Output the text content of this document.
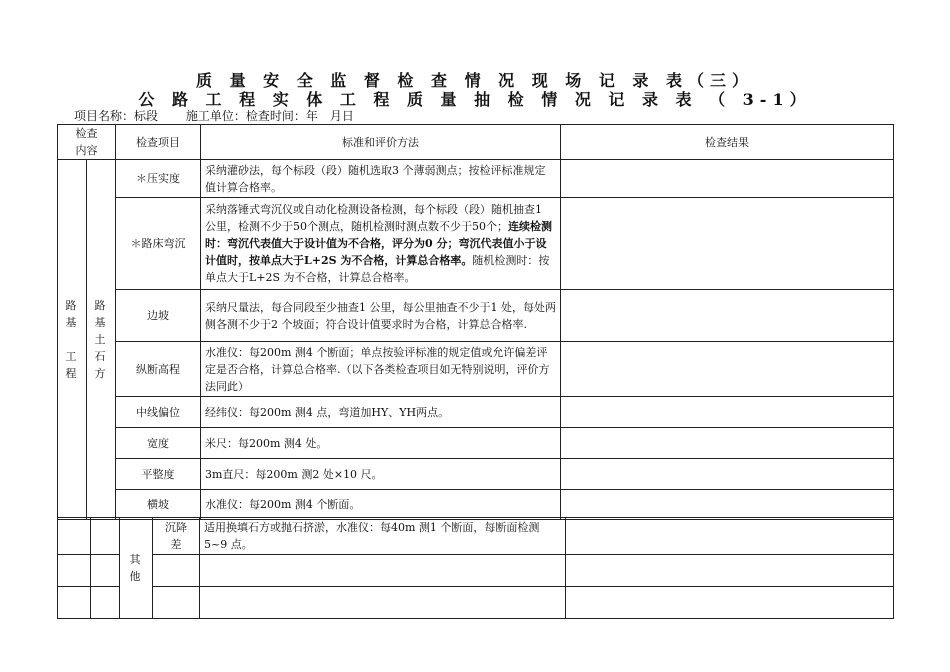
质 量 安 全 监 督 检 查 情 况 现 场 记 录 表（三）
公 路 工 程 实 体 工 程 质 量 抽 检 情 况 记 录 表 （ 3-1）
项目名称：标段 施工单位：检查时间：年　月日
检查
内容		检查项目	标准和评价方法	检查结果
路
基

工
程	路
基
土
石
方	＊压实度	采纳灌砂法，每个标段（段）随机选取3 个薄弱测点；按检评标准规定值计算合格率。	
		＊路床弯沉	采纳落锤式弯沉仪或自动化检测设备检测，每个标段（段）随机抽查1 公里，检测不少于50个测点，随机检测时测点数不少于50个；连续检测时：弯沉代表值大于设计值为不合格，评分为0 分；弯沉代表值小于设计值时，按单点大于L+2S 为不合格，计算总合格率。随机检测时：按单点大于L+2S 为不合格，计算总合格率。	
		边坡	采纳尺量法，每合同段至少抽查1 公里，每公里抽查不少于1 处，每处两侧各测不少于2 个坡面；符合设计值要求时为合格，计算总合格率.	
		纵断高程	水准仪：每200m 测4 个断面；单点按验评标准的规定值或允许偏差评定是否合格，计算总合格率.（以下各类检查项目如无特别说明，评价方法同此）	
		中线偏位	经纬仪：每200m 测4 点，弯道加HY、YH两点。	
		宽度	米尺：每200m 测4 处。	
		平整度	3m直尺：每200m 测2 处×10 尺。	
		横坡	水准仪：每200m 测4 个断面。	
		其
他	沉降
差	适用换填石方或抛石挤淤，水准仪：每40m 测1 个断面，每断面检测5~9 点。	
